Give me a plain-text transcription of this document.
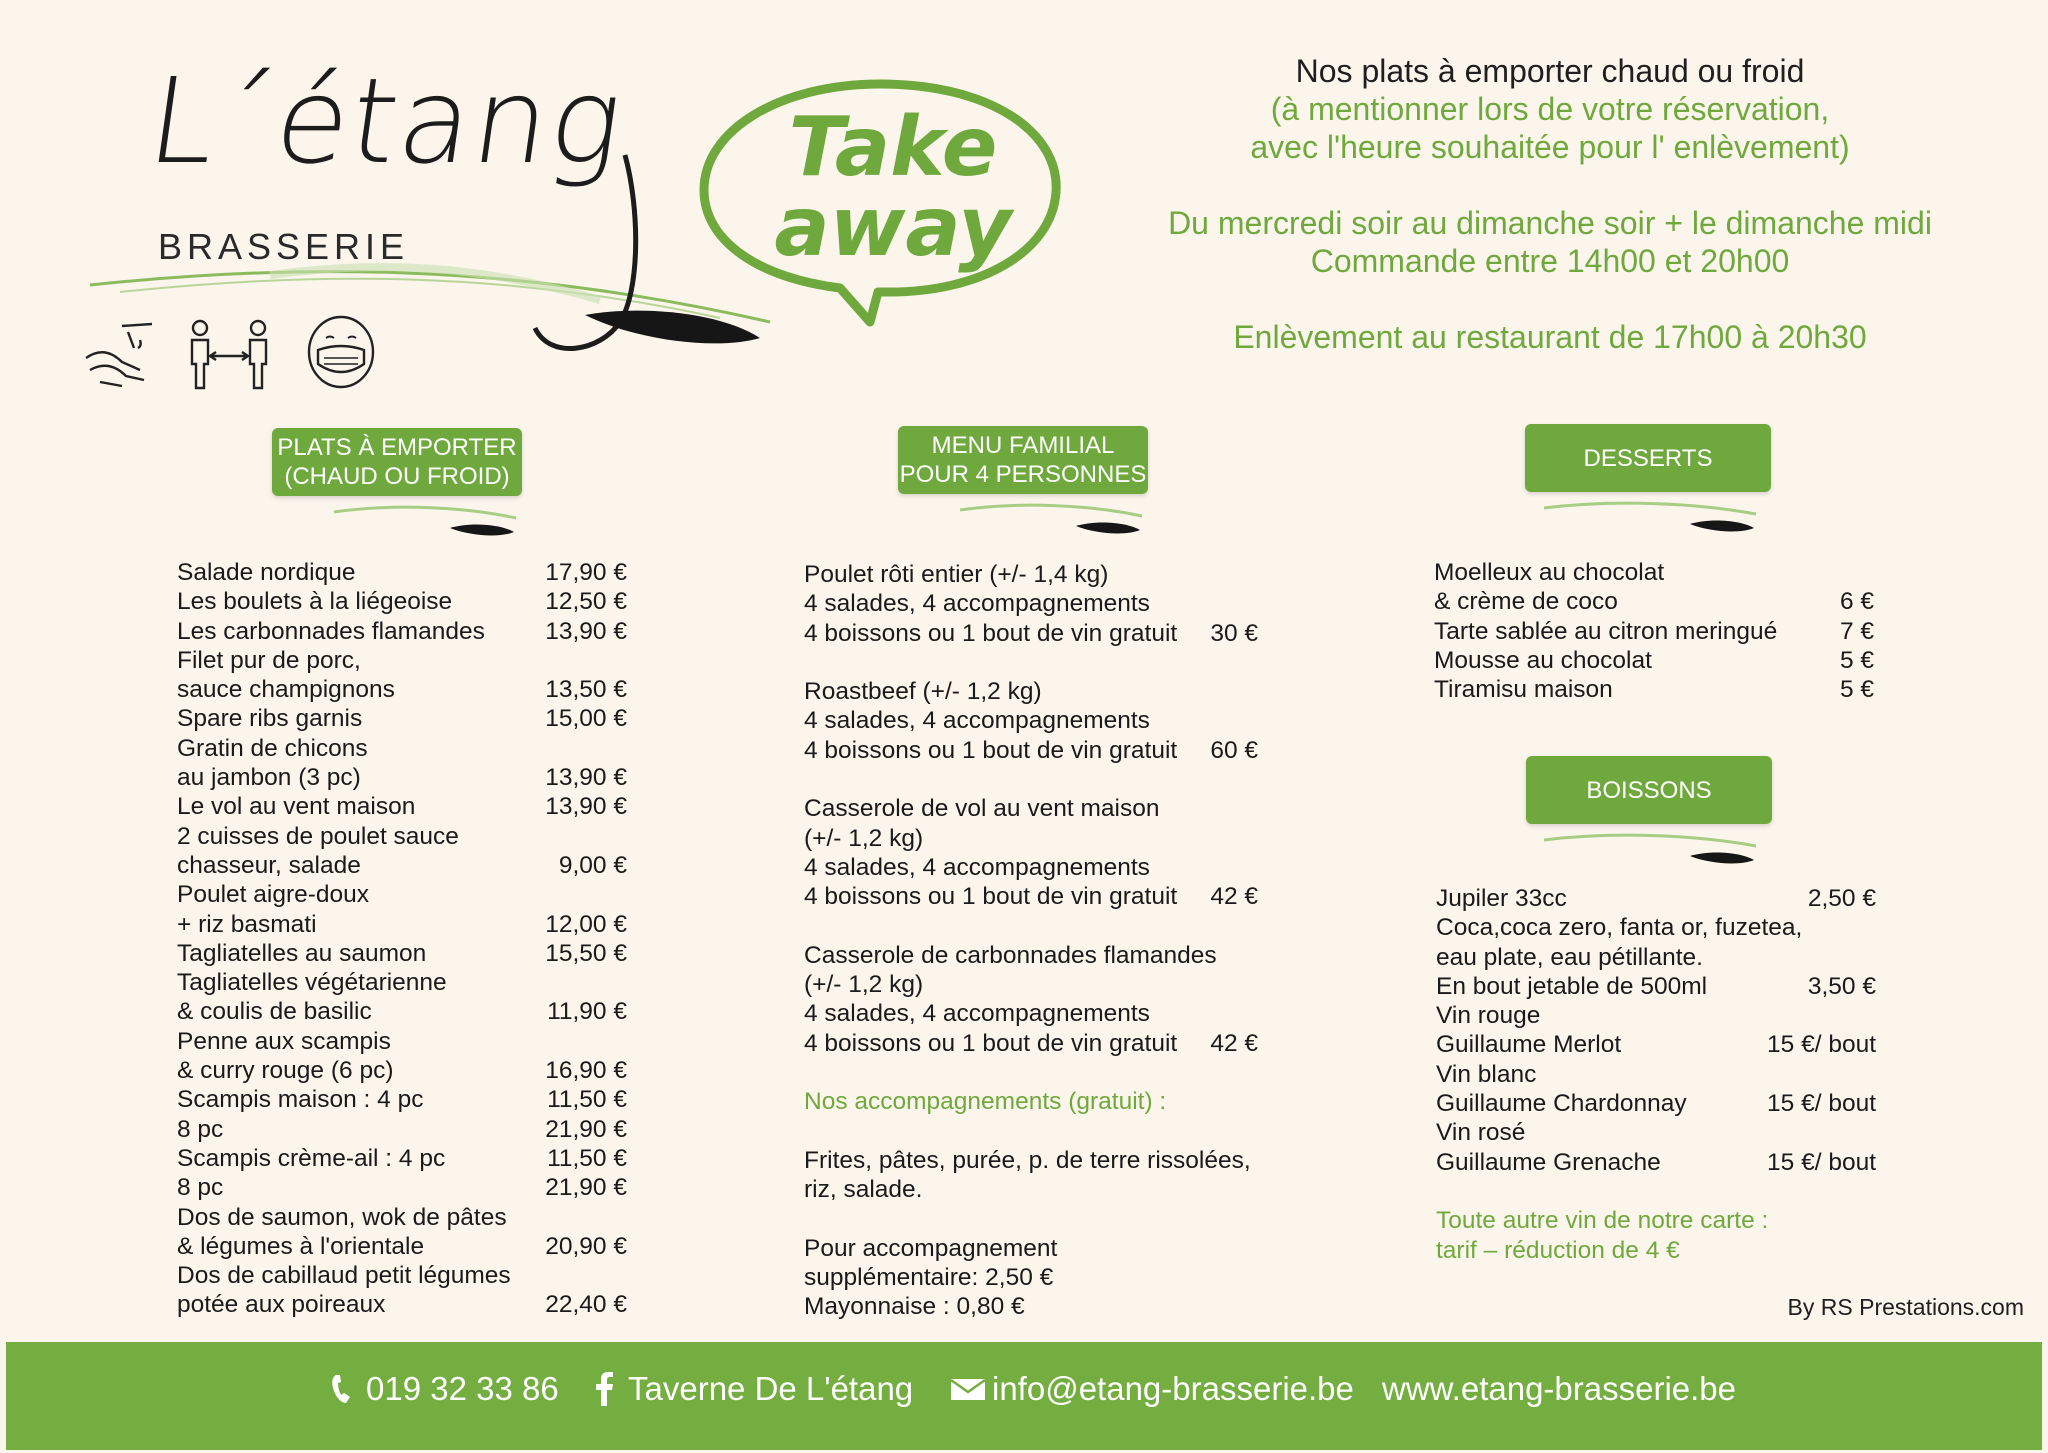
L´étang
BRASSERIE
Take
away
Nos plats à emporter chaud ou froid
(à mentionner lors de votre réservation,
avec l'heure souhaitée pour l' enlèvement)
Du mercredi soir au dimanche soir + le dimanche midi
Commande entre 14h00 et 20h00
Enlèvement au restaurant de 17h00 à 20h30
PLATS À EMPORTER
(CHAUD OU FROID)
MENU FAMILIAL
POUR 4 PERSONNES
DESSERTS
BOISSONS
Salade nordique	17,90 €
Les boulets à la liégeoise	12,50 €
Les carbonnades flamandes 13,90 €
Filet pur de porc,
sauce champignons	13,50 €
Spare ribs garnis	15,00 €
Gratin de chicons
au jambon (3 pc)	13,90 €
Le vol au vent maison	13,90 €
2 cuisses de poulet sauce
chasseur, salade	9,00 €
Poulet aigre-doux
+ riz basmati	12,00 €
Tagliatelles au saumon	15,50 €
Tagliatelles végétarienne
& coulis de basilic	11,90 €
Penne aux scampis
& curry rouge (6 pc)	16,90 €
Scampis maison : 4 pc	11,50 €
8 pc	21,90 €
Scampis crème-ail : 4 pc	11,50 €
8 pc	21,90 €
Dos de saumon, wok de pâtes
& légumes à l'orientale	20,90 €
Dos de cabillaud petit légumes
potée aux poireaux	22,40 €
Poulet rôti entier (+/- 1,4 kg)
4 salades, 4 accompagnements
4 boissons ou 1 bout de vin gratuit 30 €
Roastbeef (+/- 1,2 kg)
4 salades, 4 accompagnements
4 boissons ou 1 bout de vin gratuit 60 €
Casserole de vol au vent maison
(+/- 1,2 kg)
4 salades, 4 accompagnements
4 boissons ou 1 bout de vin gratuit 42 €
Casserole de carbonnades flamandes
(+/- 1,2 kg)
4 salades, 4 accompagnements
4 boissons ou 1 bout de vin gratuit 42 €
Nos accompagnements (gratuit) :
Frites, pâtes, purée, p. de terre rissolées,
riz, salade.
Pour accompagnement
supplémentaire: 2,50 €
Mayonnaise : 0,80 €
Moelleux au chocolat
& crème de coco	6 €
Tarte sablée au citron meringué	7 €
Mousse au chocolat	5 €
Tiramisu maison	5 €
Jupiler 33cc	2,50 €
Coca,coca zero, fanta or, fuzetea,
eau plate, eau pétillante.
En bout jetable de 500ml	3,50 €
Vin rouge
Guillaume Merlot	15 €/ bout
Vin blanc
Guillaume Chardonnay	15 €/ bout
Vin rosé
Guillaume Grenache	15 €/ bout
Toute autre vin de notre carte :
tarif – réduction de 4 €
By RS Prestations.com
019 32 33 86 Taverne De L'étang info@etang-brasserie.be www.etang-brasserie.be
